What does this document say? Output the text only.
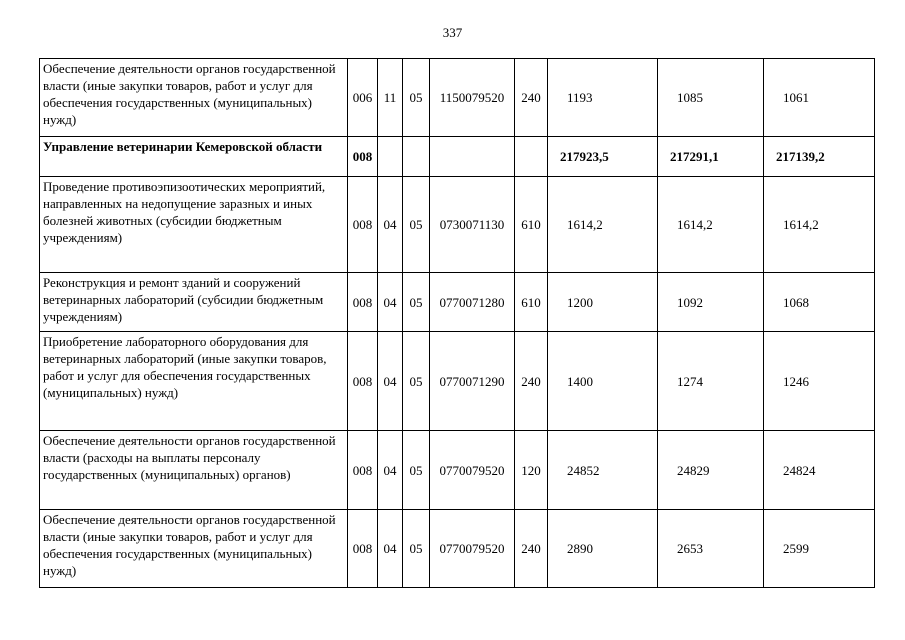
337
Обеспечение деятельности органов государственной власти (иные закупки товаров, работ и услуг для обеспечения государственных (муниципальных) нужд)	006	11	05	1150079520	240	1193	1085	1061
Управление ветеринарии Кемеровской области	008					217923,5	217291,1	217139,2
Проведение противоэпизоотических мероприятий, направленных на недопущение заразных и иных болезней животных (субсидии бюджетным учреждениям)	008	04	05	0730071130	610	1614,2	1614,2	1614,2
Реконструкция и ремонт зданий и сооружений ветеринарных лабораторий (субсидии бюджетным учреждениям)	008	04	05	0770071280	610	1200	1092	1068
Приобретение лабораторного оборудования для ветеринарных лабораторий (иные закупки товаров, работ и услуг для обеспечения государственных (муниципальных) нужд)	008	04	05	0770071290	240	1400	1274	1246
Обеспечение деятельности органов государственной власти (расходы на выплаты персоналу государственных (муниципальных) органов)	008	04	05	0770079520	120	24852	24829	24824
Обеспечение деятельности органов государственной власти (иные закупки товаров, работ и услуг для обеспечения государственных (муниципальных) нужд)	008	04	05	0770079520	240	2890	2653	2599
